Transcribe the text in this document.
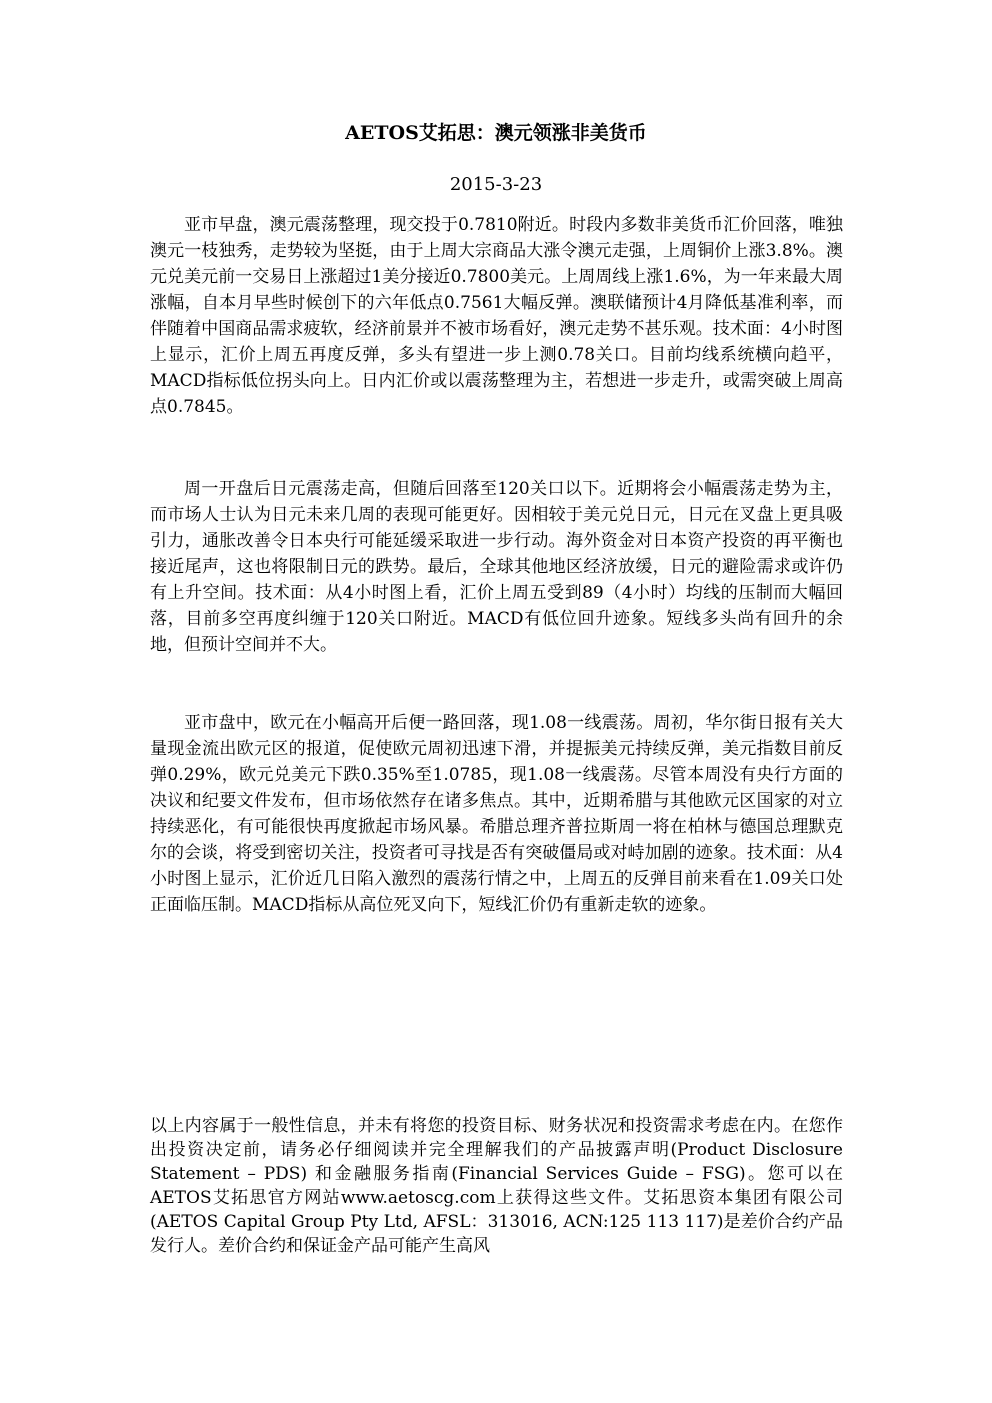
AETOS艾拓思：澳元领涨非美货币
2015-3-23

亚市早盘，澳元震荡整理，现交投于0.7810附近。时段内多数非美货币汇价回落，唯独澳元一枝独秀，走势较为坚挺，由于上周大宗商品大涨令澳元走强，上周铜价上涨3.8%。澳元兑美元前一交易日上涨超过1美分接近0.7800美元。上周周线上涨1.6%，为一年来最大周涨幅，自本月早些时候创下的六年低点0.7561大幅反弹。澳联储预计4月降低基准利率，而伴随着中国商品需求疲软，经济前景并不被市场看好，澳元走势不甚乐观。技术面：4小时图上显示，汇价上周五再度反弹，多头有望进一步上测0.78关口。目前均线系统横向趋平，MACD指标低位拐头向上。日内汇价或以震荡整理为主，若想进一步走升，或需突破上周高点0.7845。

周一开盘后日元震荡走高，但随后回落至120关口以下。近期将会小幅震荡走势为主，而市场人士认为日元未来几周的表现可能更好。因相较于美元兑日元，日元在叉盘上更具吸引力，通胀改善令日本央行可能延缓采取进一步行动。海外资金对日本资产投资的再平衡也接近尾声，这也将限制日元的跌势。最后，全球其他地区经济放缓，日元的避险需求或许仍有上升空间。技术面：从4小时图上看，汇价上周五受到89（4小时）均线的压制而大幅回落，目前多空再度纠缠于120关口附近。MACD有低位回升迹象。短线多头尚有回升的余地，但预计空间并不大。

亚市盘中，欧元在小幅高开后便一路回落，现1.08一线震荡。周初，华尔街日报有关大量现金流出欧元区的报道，促使欧元周初迅速下滑，并提振美元持续反弹，美元指数目前反弹0.29%，欧元兑美元下跌0.35%至1.0785，现1.08一线震荡。尽管本周没有央行方面的决议和纪要文件发布，但市场依然存在诸多焦点。其中，近期希腊与其他欧元区国家的对立持续恶化，有可能很快再度掀起市场风暴。希腊总理齐普拉斯周一将在柏林与德国总理默克尔的会谈，将受到密切关注，投资者可寻找是否有突破僵局或对峙加剧的迹象。技术面：从4小时图上显示，汇价近几日陷入激烈的震荡行情之中，上周五的反弹目前来看在1.09关口处正面临压制。MACD指标从高位死叉向下，短线汇价仍有重新走软的迹象。

以上内容属于一般性信息，并未有将您的投资目标、财务状况和投资需求考虑在内。在您作出投资决定前，请务必仔细阅读并完全理解我们的产品披露声明(Product Disclosure Statement – PDS) 和金融服务指南(Financial Services Guide – FSG)。您可以在AETOS艾拓思官方网站www.aetoscg.com上获得这些文件。艾拓思资本集团有限公司(AETOS Capital Group Pty Ltd, AFSL：313016, ACN:125 113 117)是差价合约产品发行人。差价合约和保证金产品可能产生高风
